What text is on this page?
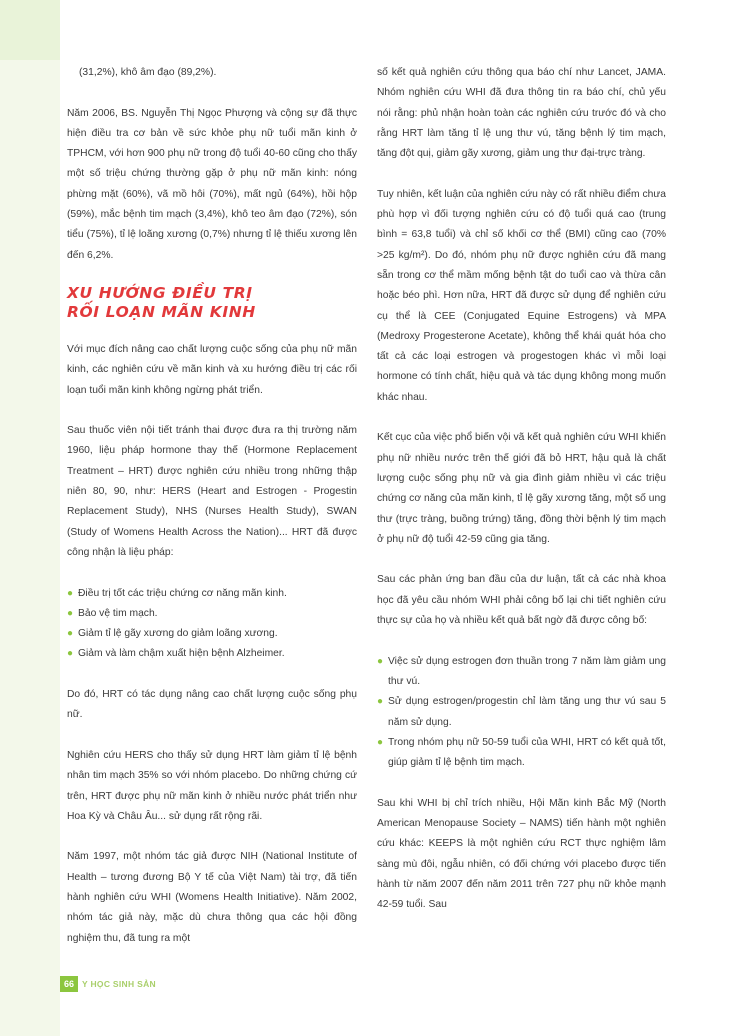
(31,2%), khô âm đạo (89,2%).

Năm 2006, BS. Nguyễn Thị Ngọc Phượng và cộng sự đã thực hiện điều tra cơ bản về sức khỏe phụ nữ tuổi mãn kinh ở TPHCM, với hơn 900 phụ nữ trong độ tuổi 40-60 cũng cho thấy một số triệu chứng thường gặp ở phụ nữ mãn kinh: nóng phừng mặt (60%), vã mồ hôi (70%), mất ngủ (64%), hồi hộp (59%), mắc bệnh tim mạch (3,4%), khô teo âm đạo (72%), són tiểu (75%), tỉ lệ loãng xương (0,7%) nhưng tỉ lệ thiếu xương lên đến 6,2%.

XU HƯỚNG ĐIỀU TRỊ
RỐI LOẠN MÃN KINH

Với mục đích nâng cao chất lượng cuộc sống của phụ nữ mãn kinh, các nghiên cứu về mãn kinh và xu hướng điều trị các rối loạn tuổi mãn kinh không ngừng phát triển.

Sau thuốc viên nội tiết tránh thai được đưa ra thị trường năm 1960, liệu pháp hormone thay thế (Hormone Replacement Treatment – HRT) được nghiên cứu nhiều trong những thập niên 80, 90, như: HERS (Heart and Estrogen - Progestin Replacement Study), NHS (Nurses Health Study), SWAN (Study of Womens Health Across the Nation)... HRT đã được công nhận là liệu pháp:

● Điều trị tốt các triệu chứng cơ năng mãn kinh.
● Bảo vệ tim mạch.
● Giảm tỉ lệ gãy xương do giảm loãng xương.
● Giảm và làm chậm xuất hiện bệnh Alzheimer.

Do đó, HRT có tác dụng nâng cao chất lượng cuộc sống phụ nữ.

Nghiên cứu HERS cho thấy sử dụng HRT làm giảm tỉ lệ bệnh nhân tim mạch 35% so với nhóm placebo. Do những chứng cứ trên, HRT được phụ nữ mãn kinh ở nhiều nước phát triển như Hoa Kỳ và Châu Âu... sử dụng rất rộng rãi.

Năm 1997, một nhóm tác giả được NIH (National Institute of Health – tương đương Bộ Y tế của Việt Nam) tài trợ, đã tiến hành nghiên cứu WHI (Womens Health Initiative). Năm 2002, nhóm tác giả này, mặc dù chưa thông qua các hội đồng nghiệm thu, đã tung ra một

số kết quả nghiên cứu thông qua báo chí như Lancet, JAMA. Nhóm nghiên cứu WHI đã đưa thông tin ra báo chí, chủ yếu nói rằng: phủ nhận hoàn toàn các nghiên cứu trước đó và cho rằng HRT làm tăng tỉ lệ ung thư vú, tăng bệnh lý tim mạch, tăng đột quị, giảm gãy xương, giảm ung thư đại-trực tràng.

Tuy nhiên, kết luận của nghiên cứu này có rất nhiều điểm chưa phù hợp vì đối tượng nghiên cứu có độ tuổi quá cao (trung bình = 63,8 tuổi) và chỉ số khối cơ thể (BMI) cũng cao (70% >25 kg/m²). Do đó, nhóm phụ nữ được nghiên cứu đã mang sẵn trong cơ thể mầm mống bệnh tật do tuổi cao và thừa cân hoặc béo phì. Hơn nữa, HRT đã được sử dụng để nghiên cứu cụ thể là CEE (Conjugated Equine Estrogens) và MPA (Medroxy Progesterone Acetate), không thể khái quát hóa cho tất cả các loại estrogen và progestogen khác vì mỗi loại hormone có tính chất, hiệu quả và tác dụng không mong muốn khác nhau.

Kết cục của việc phổ biến vội vã kết quả nghiên cứu WHI khiến phụ nữ nhiều nước trên thế giới đã bỏ HRT, hậu quả là chất lượng cuộc sống phụ nữ và gia đình giảm nhiều vì các triệu chứng cơ năng của mãn kinh, tỉ lệ gãy xương tăng, một số ung thư (trực tràng, buồng trứng) tăng, đồng thời bệnh lý tim mạch ở phụ nữ độ tuổi 42-59 cũng gia tăng.

Sau các phản ứng ban đầu của dư luận, tất cả các nhà khoa học đã yêu cầu nhóm WHI phải công bố lại chi tiết nghiên cứu thực sự của họ và nhiều kết quả bất ngờ đã được công bố:

● Việc sử dụng estrogen đơn thuần trong 7 năm làm giảm ung thư vú.
● Sử dụng estrogen/progestin chỉ làm tăng ung thư vú sau 5 năm sử dụng.
● Trong nhóm phụ nữ 50-59 tuổi của WHI, HRT có kết quả tốt, giúp giảm tỉ lệ bệnh tim mạch.

Sau khi WHI bị chỉ trích nhiều, Hội Mãn kinh Bắc Mỹ (North American Menopause Society – NAMS) tiến hành một nghiên cứu khác: KEEPS là một nghiên cứu RCT thực nghiệm lâm sàng mù đôi, ngẫu nhiên, có đối chứng với placebo được tiến hành từ năm 2007 đến năm 2011 trên 727 phụ nữ khỏe mạnh 42-59 tuổi. Sau

66 Y HỌC SINH SẢN
